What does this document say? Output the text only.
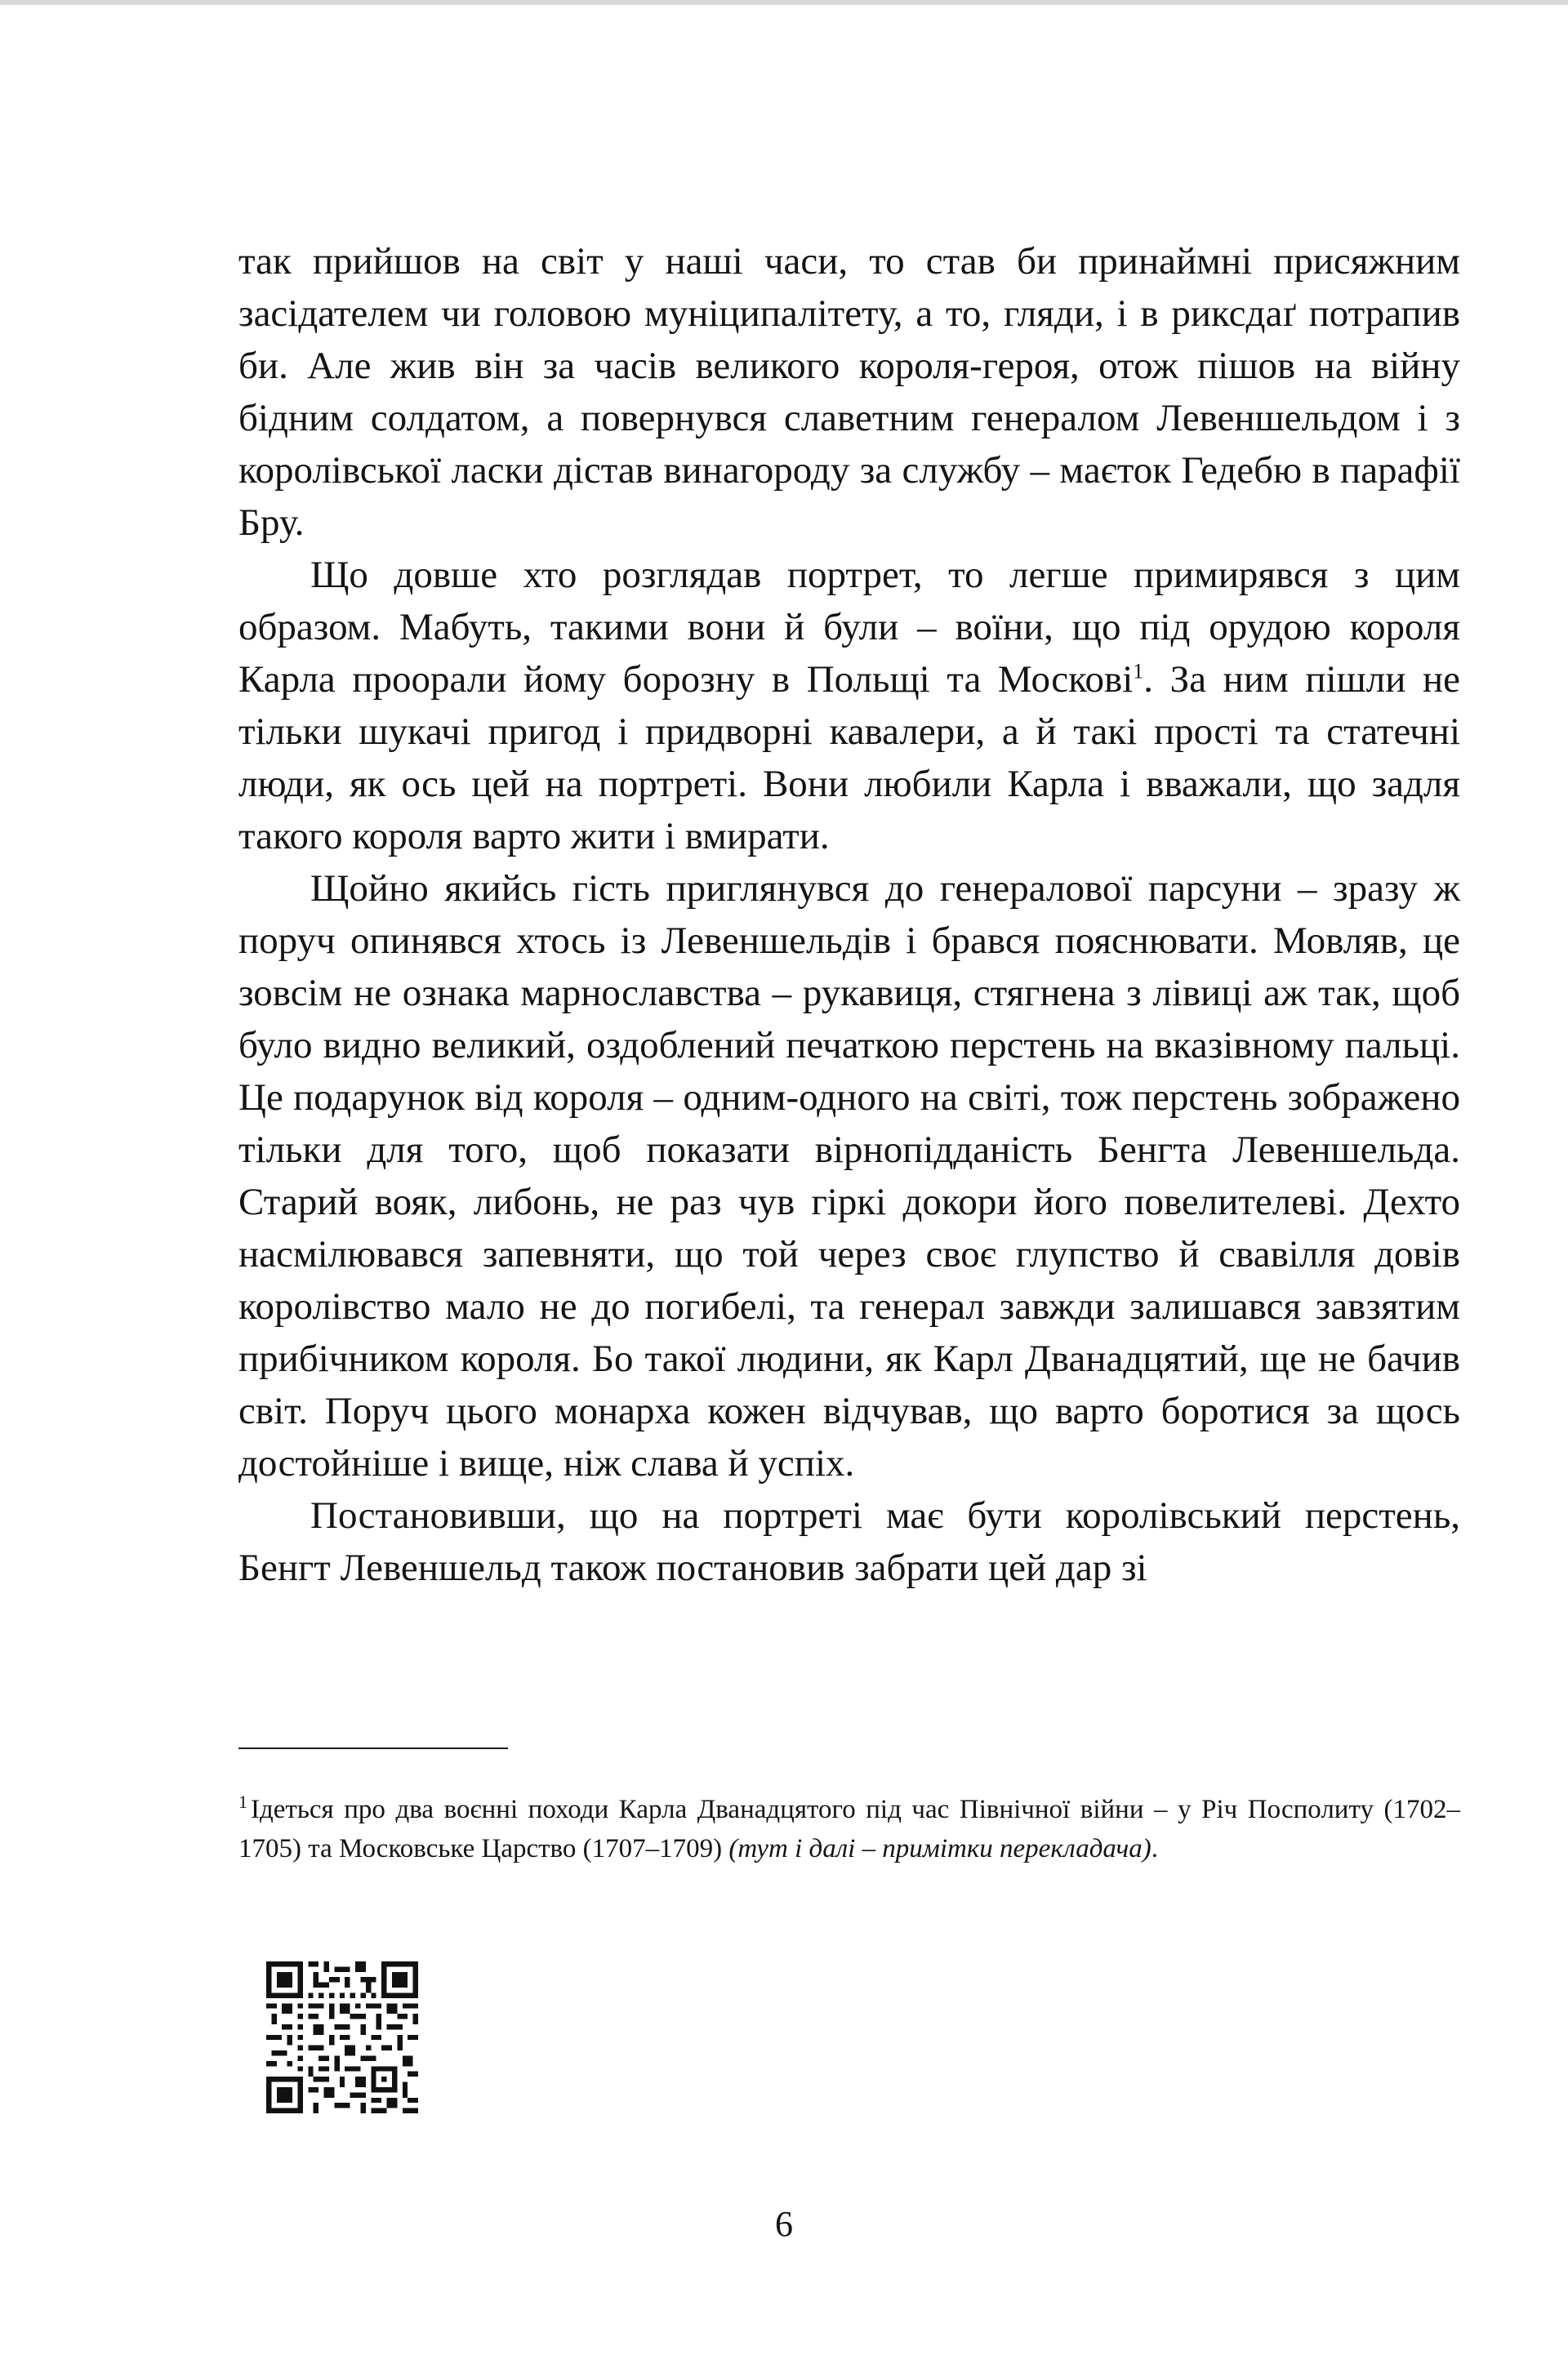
так прийшов на світ у наші часи, то став би принаймні присяжним засідателем чи головою муніципалітету, а то, гляди, і в риксдаґ потрапив би. Але жив він за часів великого короля-героя, отож пішов на війну бідним солдатом, а повернувся славетним генералом Левеншельдом і з королівської ласки дістав винагороду за службу – маєток Гедебю в парафії Бру.

Що довше хто розглядав портрет, то легше примирявся з цим образом. Мабуть, такими вони й були – воїни, що під орудою короля Карла проорали йому борозну в Польщі та Москові$^1$. За ним пішли не тільки шукачі пригод і придворні кавалери, а й такі прості та статечні люди, як ось цей на портреті. Вони любили Карла і вважали, що задля такого короля варто жити і вмирати.

Щойно якийсь гість приглянувся до генералової парсуни – зразу ж поруч опинявся хтось із Левеншельдів і брався пояснювати. Мовляв, це зовсім не ознака марнославства – рукавиця, стягнена з лівиці аж так, щоб було видно великий, оздоблений печаткою перстень на вказівному пальці. Це подарунок від короля – одним-одного на світі, тож перстень зображено тільки для того, щоб показати вірнопідданість Бенгта Левеншельда. Старий вояк, либонь, не раз чув гіркі докори його повелителеві. Дехто насмілювався запевняти, що той через своє глупство й свавілля довів королівство мало не до погибелі, та генерал завжди залишався завзятим прибічником короля. Бо такої людини, як Карл Дванадцятий, ще не бачив світ. Поруч цього монарха кожен відчував, що варто боротися за щось достойніше і вище, ніж слава й успіх.

Постановивши, що на портреті має бути королівський перстень, Бенгт Левеншельд також постановив забрати цей дар зі

$^1$ Ідеться про два воєнні походи Карла Дванадцятого під час Північної війни – у Річ Посполиту (1702–1705) та Московське Царство (1707–1709) (тут і далі – примітки перекладача).
6
